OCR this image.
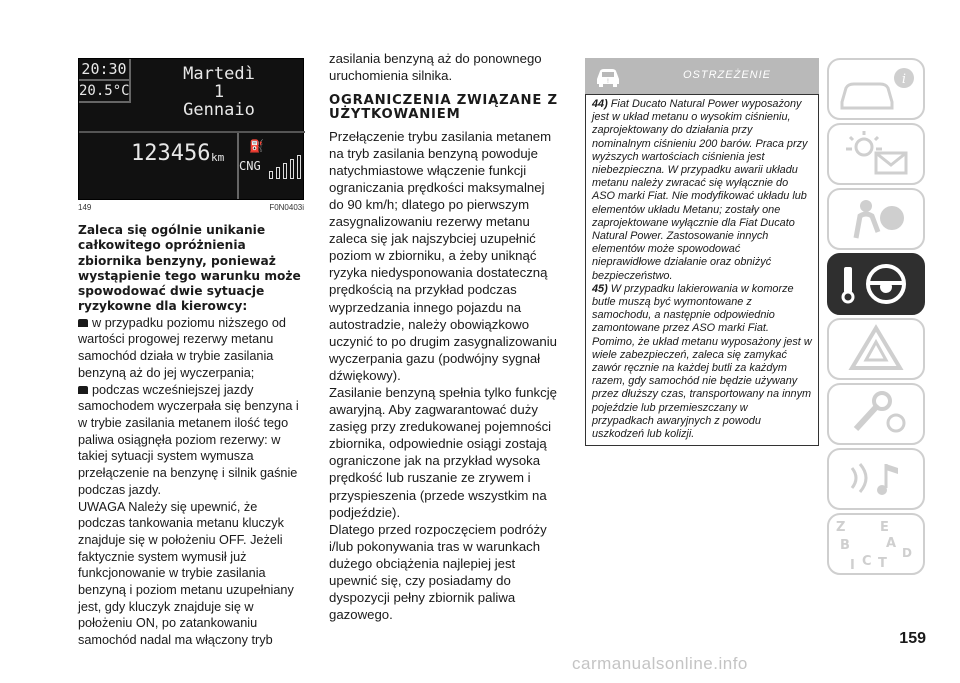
20:30
20.5°C
Martedì
1
Gennaio
123456 km
⛽
CNG
149	F0N0403i
Zaleca się ogólnie unikanie całkowitego opróżnienia zbiornika benzyny, ponieważ wystąpienie tego warunku może spowodować dwie sytuacje ryzykowne dla kierowcy:
w przypadku poziomu niższego od wartości progowej rezerwy metanu samochód działa w trybie zasilania benzyną aż do jej wyczerpania;
podczas wcześniejszej jazdy samochodem wyczerpała się benzyna i w trybie zasilania metanem ilość tego paliwa osiągnęła poziom rezerwy: w takiej sytuacji system wymusza przełączenie na benzynę i silnik gaśnie podczas jazdy.
UWAGA Należy się upewnić, że podczas tankowania metanu kluczyk znajduje się w położeniu OFF. Jeżeli faktycznie system wymusił już funkcjonowanie w trybie zasilania benzyną i poziom metanu uzupełniany jest, gdy kluczyk znajduje się w położeniu ON, po zatankowaniu samochód nadal ma włączony tryb
zasilania benzyną aż do ponownego uruchomienia silnika.
OGRANICZENIA ZWIĄZANE Z UŻYTKOWANIEM
Przełączenie trybu zasilania metanem na tryb zasilania benzyną powoduje natychmiastowe włączenie funkcji ograniczania prędkości maksymalnej do 90 km/h; dlatego po pierwszym zasygnalizowaniu rezerwy metanu zaleca się jak najszybciej uzupełnić poziom w zbiorniku, a żeby uniknąć ryzyka niedysponowania dostateczną prędkością na przykład podczas wyprzedzania innego pojazdu na autostradzie, należy obowiązkowo uczynić to po drugim zasygnalizowaniu wyczerpania gazu (podwójny sygnał dźwiękowy).
Zasilanie benzyną spełnia tylko funkcję awaryjną. Aby zagwarantować duży zasięg przy zredukowanej pojemności zbiornika, odpowiednie osiągi zostają ograniczone jak na przykład wysoka prędkość lub ruszanie ze zrywem i przyspieszenia (przede wszystkim na podjeździe).
Dlatego przed rozpoczęciem podróży i/lub pokonywania tras w warunkach dużego obciążenia najlepiej jest upewnić się, czy posiadamy do dyspozycji pełny zbiornik paliwa gazowego.
!
OSTRZEŻENIE
44) Fiat Ducato Natural Power wyposażony jest w układ metanu o wysokim ciśnieniu, zaprojektowany do działania przy nominalnym ciśnieniu 200 barów. Praca przy wyższych wartościach ciśnienia jest niebezpieczna. W przypadku awarii układu metanu należy zwracać się wyłącznie do ASO marki Fiat. Nie modyfikować układu lub elementów układu Metanu; zostały one zaprojektowane wyłącznie dla Fiat Ducato Natural Power. Zastosowanie innych elementów może spowodować nieprawidłowe działanie oraz obniżyć bezpieczeństwo.
45) W przypadku lakierowania w komorze butle muszą być wymontowane z samochodu, a następnie odpowiednio zamontowane przez ASO marki Fiat. Pomimo, że układ metanu wyposażony jest w wiele zabezpieczeń, zaleca się zamykać zawór ręcznie na każdej butli za każdym razem, gdy samochód nie będzie używany przez dłuższy czas, transportowany na innym pojeździe lub przemieszczany w przypadkach awaryjnych z powodu uszkodzeń lub kolizji.
i
Z	E
A
B	D
C T
I
159
carmanualsonline.info
